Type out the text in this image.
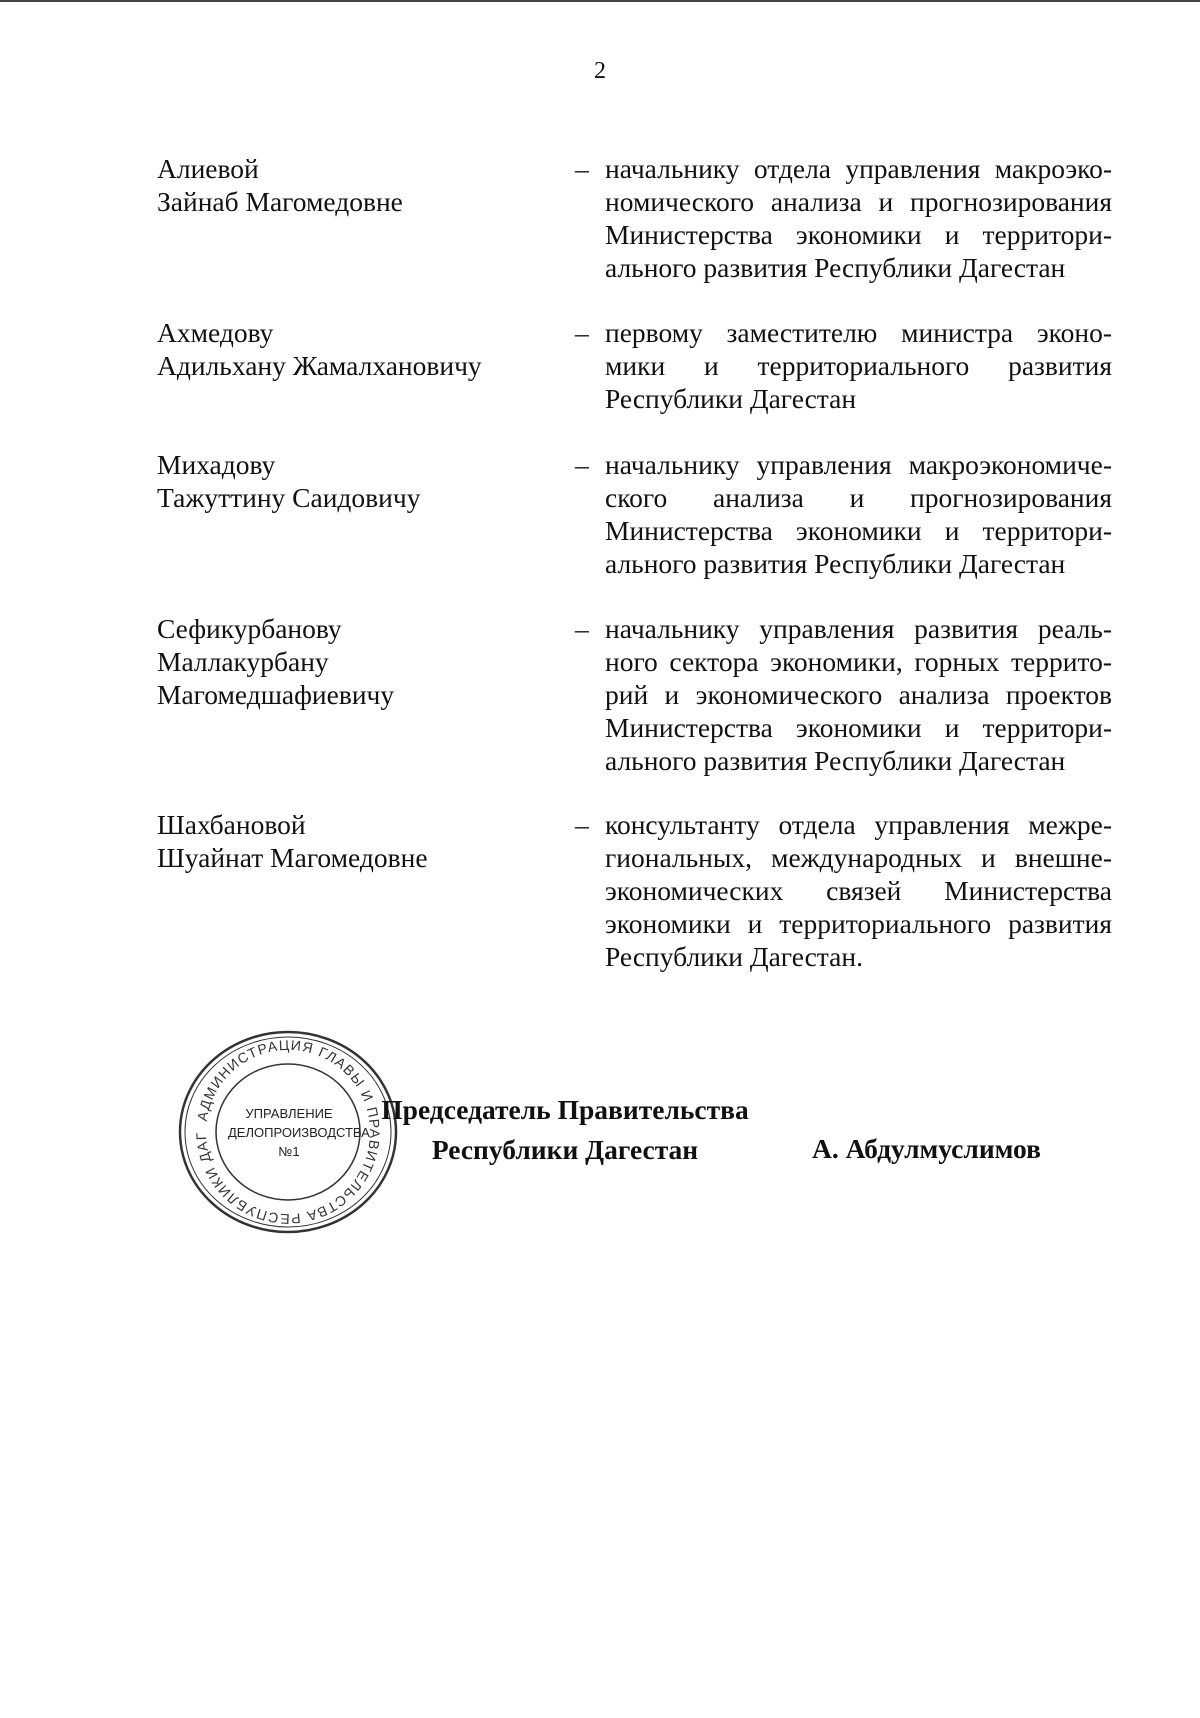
2
Алиевой
Зайнаб Магомедовне
– начальнику отдела управления макроэко-
номического анализа и прогнозирования
Министерства экономики и территори-
ального развития Республики Дагестан
Ахмедову
Адильхану Жамалхановичу
– первому заместителю министра эконо-
мики и территориального развития
Республики Дагестан
Михадову
Тажуттину Саидовичу
– начальнику управления макроэкономиче-
ского анализа и прогнозирования
Министерства экономики и территори-
ального развития Республики Дагестан
Сефикурбанову
Маллакурбану
Магомедшафиевичу
– начальнику управления развития реаль-
ного сектора экономики, горных террито-
рий и экономического анализа проектов
Министерства экономики и территори-
ального развития Республики Дагестан
Шахбановой
Шуайнат Магомедовне
– консультанту отдела управления межре-
гиональных, международных и внешне-
экономических связей Министерства
экономики и территориального развития
Республики Дагестан.
АДМИНИСТРАЦИЯ ГЛАВЫ И ПРАВИТЕЛЬСТВА РЕСПУБЛИКИ ДАГ
УПРАВЛЕНИЕ
ДЕЛОПРОИЗВОДСТВА
№1
Председатель Правительства
Республики Дагестан	А. Абдулмуслимов
